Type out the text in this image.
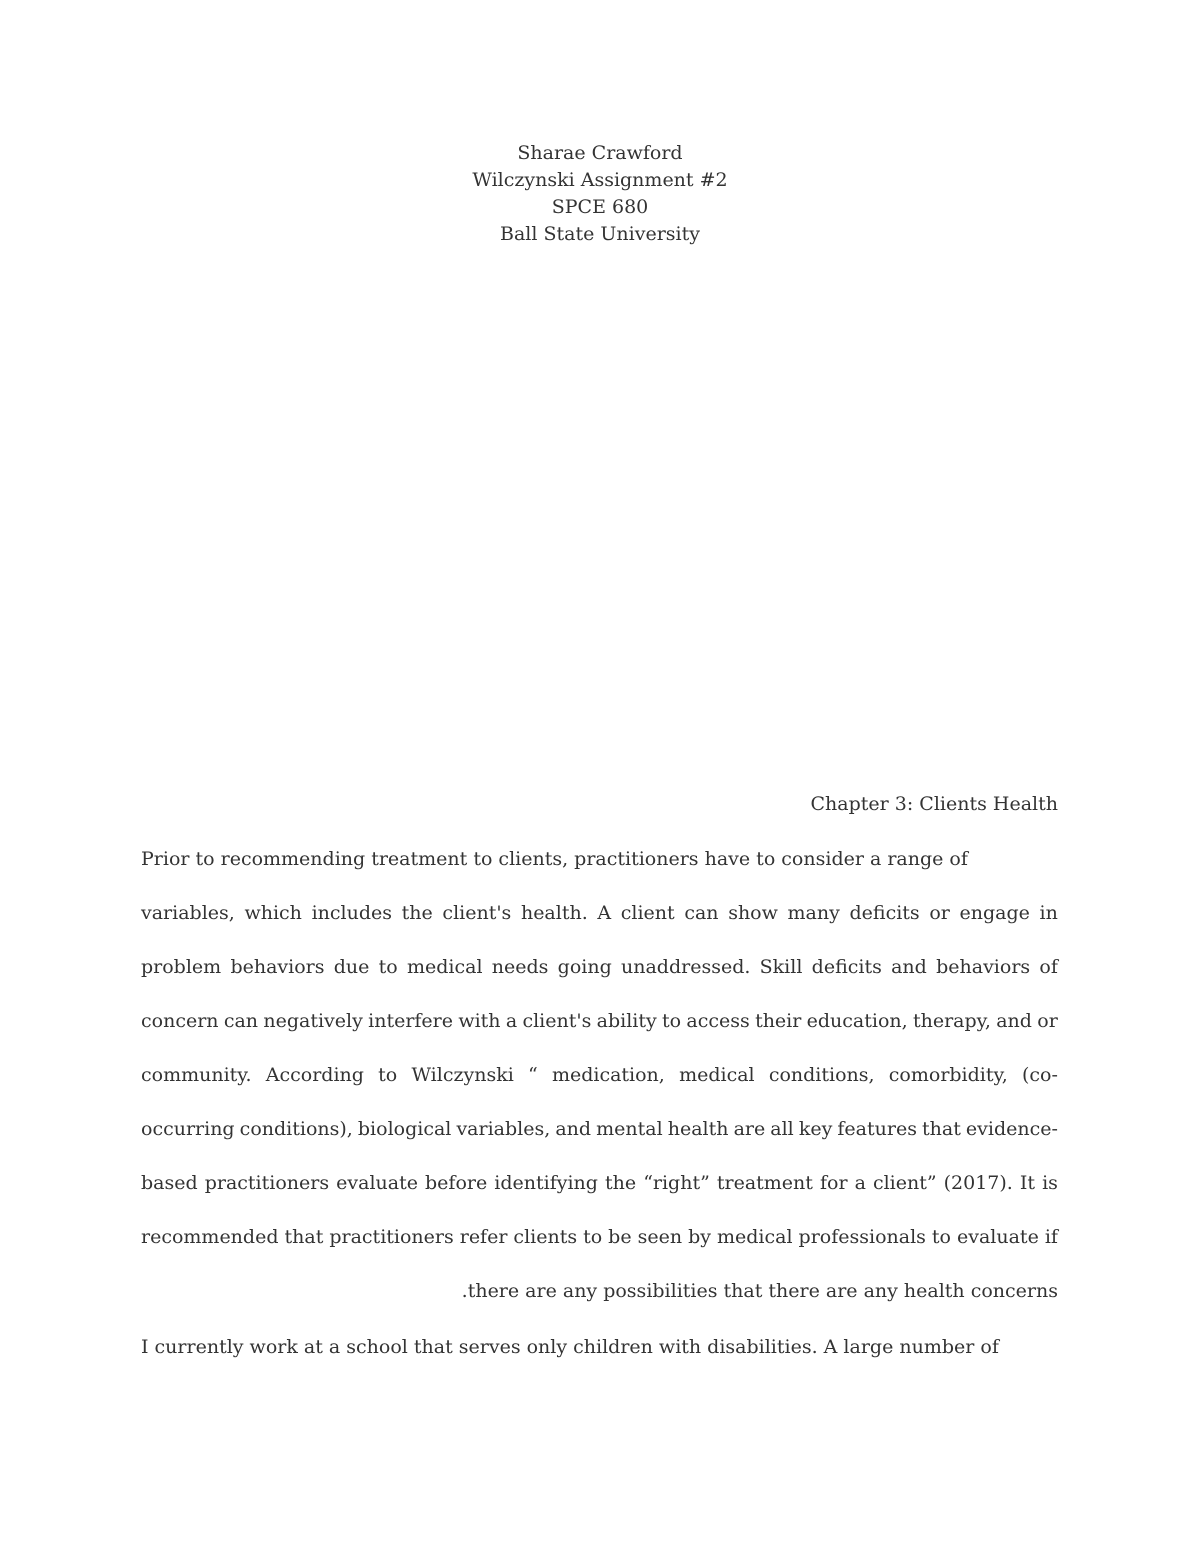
Sharae Crawford
Wilczynski Assignment #2
SPCE 680
Ball State University
Chapter 3: Clients Health
Prior to recommending treatment to clients, practitioners have to consider a range of
variables, which includes the client's health. A client can show many deficits or engage in
problem behaviors due to medical needs going unaddressed. Skill deficits and behaviors of
concern can negatively interfere with a client's ability to access their education, therapy, and or
community. According to Wilczynski “ medication, medical conditions, comorbidity, (co-
occurring conditions), biological variables, and mental health are all key features that evidence-
based practitioners evaluate before identifying the “right” treatment for a client” (2017). It is
recommended that practitioners refer clients to be seen by medical professionals to evaluate if
.there are any possibilities that there are any health concerns
I currently work at a school that serves only children with disabilities. A large number of
